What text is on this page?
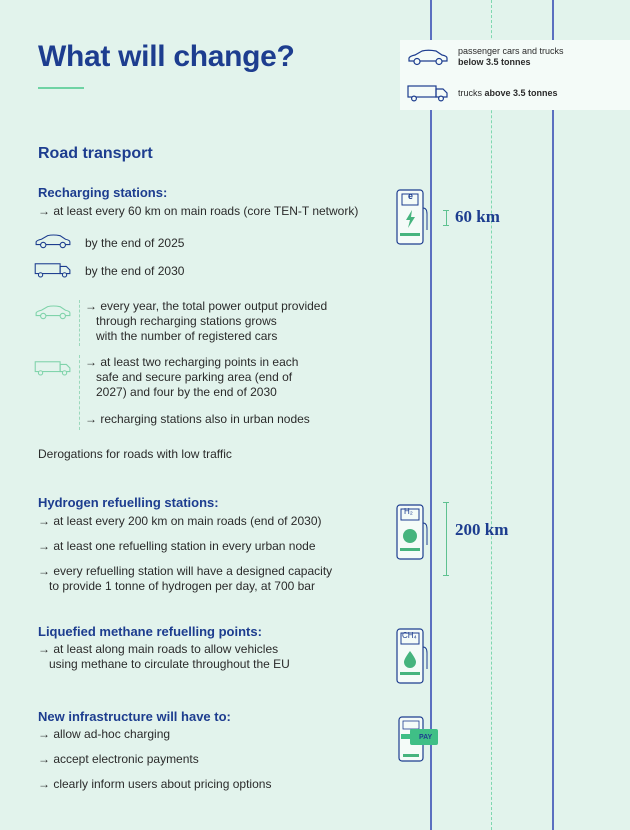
What will change?	passenger cars and trucks
below 3.5 tonnes
trucks above 3.5 tonnes
Road transport
Recharging stations:
→ at least every 60 km on main roads (core TEN-T network)
by the end of 2025
by the end of 2030
→ every year, the total power output provided
through recharging stations grows
with the number of registered cars
→ at least two recharging points in each
safe and secure parking area (end of
2027) and four by the end of 2030
→ recharging stations also in urban nodes
Derogations for roads with low traffic
e
60 km
Hydrogen refuelling stations:
→ at least every 200 km on main roads (end of 2030)
→ at least one refuelling station in every urban node
→ every refuelling station will have a designed capacity
to provide 1 tonne of hydrogen per day, at 700 bar
H₂
200 km
Liquefied methane refuelling points:
→ at least along main roads to allow vehicles
using methane to circulate throughout the EU
CH₄
New infrastructure will have to:
→ allow ad-hoc charging
→ accept electronic payments
→ clearly inform users about pricing options
PAY
